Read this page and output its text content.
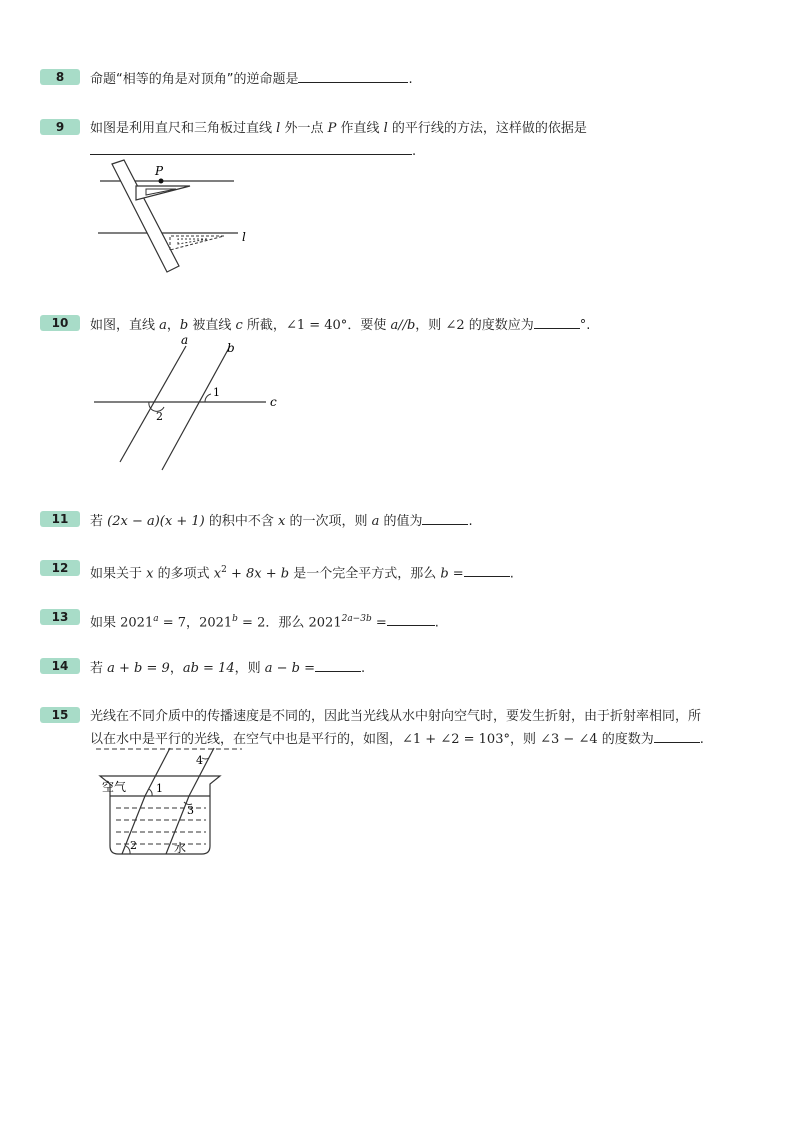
8	命题“相等的角是对顶角”的逆命题是	.
9	如图是利用直尺和三角板过直线 l 外一点 P 作直线 l 的平行线的方法，这样做的依据是
.
P
l
10	如图，直线 a，b 被直线 c 所截，∠1 = 40°．要使 a//b，则 ∠2 的度数应为	°.
a
b
c
1
2
11	若 (2x − a)(x + 1) 的积中不含 x 的一次项，则 a 的值为	.
12	如果关于 x 的多项式 $x^2 + 8x + b$ 是一个完全平方式，那么 b =	.
13	如果 $2021^a = 7$，$2021^b = 2$．那么 $2021^{2a-3b}$ =	.
14	若 a + b = 9，ab = 14，则 a − b =	.
15	光线在不同介质中的传播速度是不同的，因此当光线从水中射向空气时，要发生折射，由于折射率相同，所
以在水中是平行的光线，在空气中也是平行的，如图，∠1 + ∠2 = 103°，则 ∠3 − ∠4 的度数为	.
空气
水
1
2
3
4
